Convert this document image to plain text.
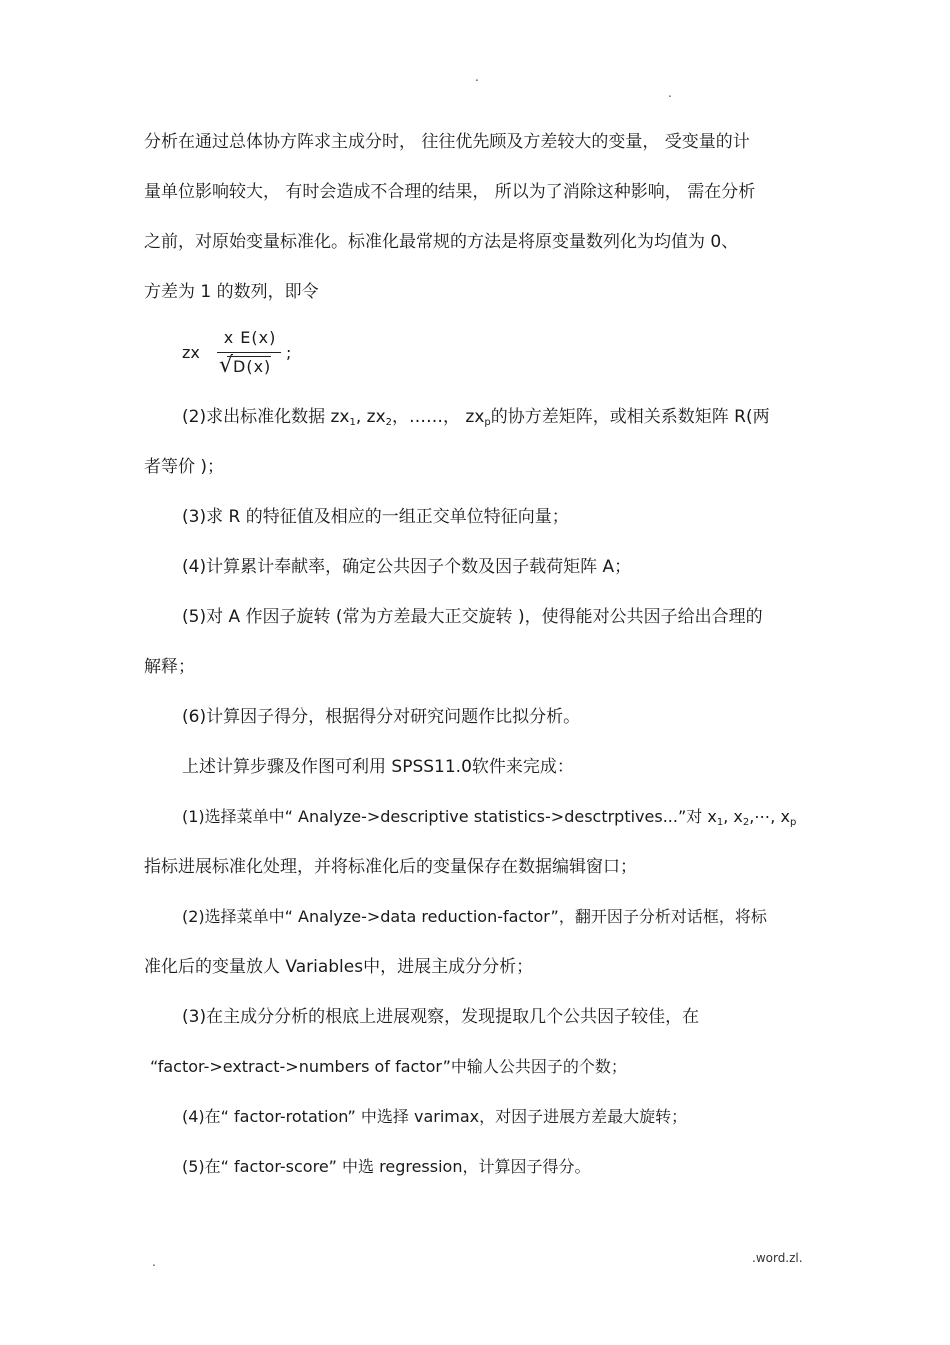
.
.
分析在通过总体协方阵求主成分时， 往往优先顾及方差较大的变量， 受变量的计
量单位影响较大， 有时会造成不合理的结果， 所以为了消除这种影响， 需在分析
之前，对原始变量标准化。标准化最常规的方法是将原变量数列化为均值为 0、
方差为 1 的数列，即令
zx
x E(x)
√ D(x)
;
(2)求出标准化数据 $zx_1$, $zx_2$，……， $zx_p$的协方差矩阵，或相关系数矩阵 R(两
者等价 )；
(3)求 R 的特征值及相应的一组正交单位特征向量；
(4)计算累计奉献率，确定公共因子个数及因子载荷矩阵 A；
(5)对 A 作因子旋转 (常为方差最大正交旋转 )，使得能对公共因子给出合理的
解释；
(6)计算因子得分，根据得分对研究问题作比拟分析。
上述计算步骤及作图可利用 SPSS11.0软件来完成：
(1)选择菜单中“ Analyze->descriptive statistics->desctrptives...”对 $x_1$, $x_2,\cdots$, $x_p$
指标进展标准化处理，并将标准化后的变量保存在数据编辑窗口；
(2)选择菜单中“ Analyze->data reduction-factor”，翻开因子分析对话框，将标
准化后的变量放人 Variables中，进展主成分分析；
(3)在主成分分析的根底上进展观察，发现提取几个公共因子较佳，在
“factor->extract->numbers of factor”中输人公共因子的个数；
(4)在“ factor-rotation” 中选择 varimax，对因子进展方差最大旋转；
(5)在“ factor-score” 中选 regression，计算因子得分。
.	.word.zl.
